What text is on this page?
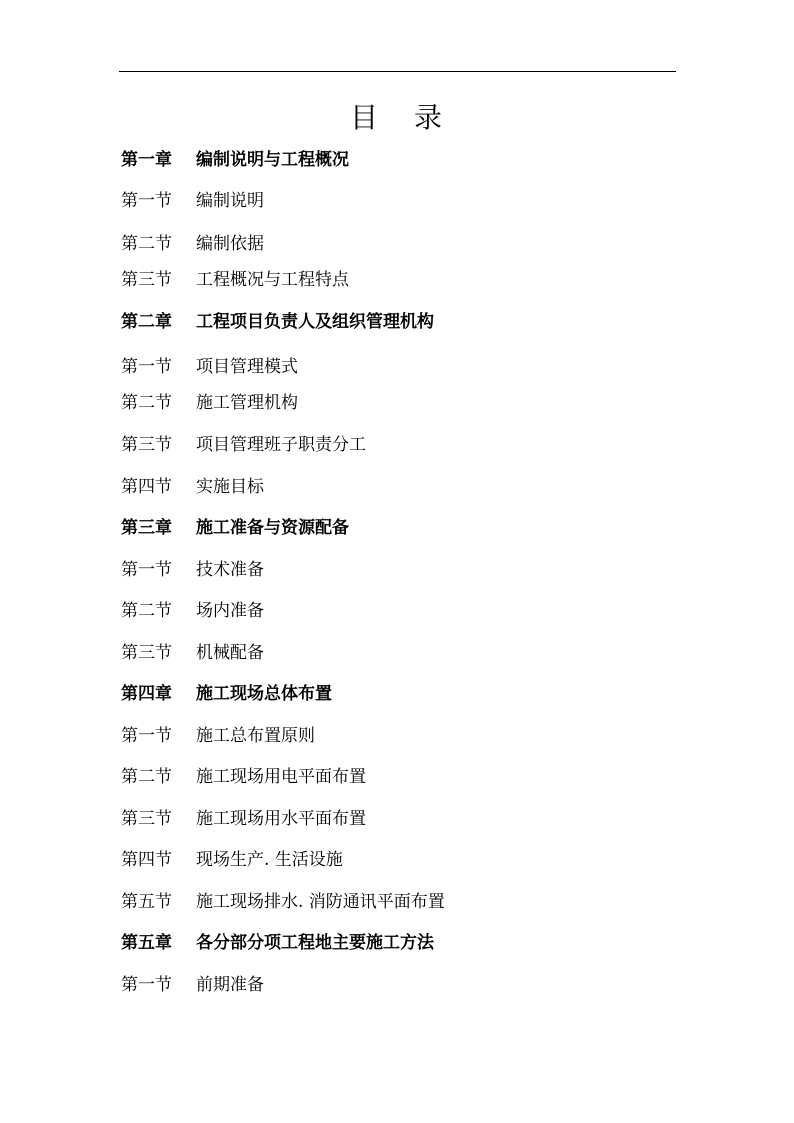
目 录
第一章 编制说明与工程概况
第一节 编制说明
第二节 编制依据
第三节 工程概况与工程特点
第二章 工程项目负责人及组织管理机构
第一节 项目管理模式
第二节 施工管理机构
第三节 项目管理班子职责分工
第四节 实施目标
第三章 施工准备与资源配备
第一节 技术准备
第二节 场内准备
第三节 机械配备
第四章 施工现场总体布置
第一节 施工总布置原则
第二节 施工现场用电平面布置
第三节 施工现场用水平面布置
第四节 现场生产. 生活设施
第五节 施工现场排水. 消防通讯平面布置
第五章 各分部分项工程地主要施工方法
第一节 前期准备
